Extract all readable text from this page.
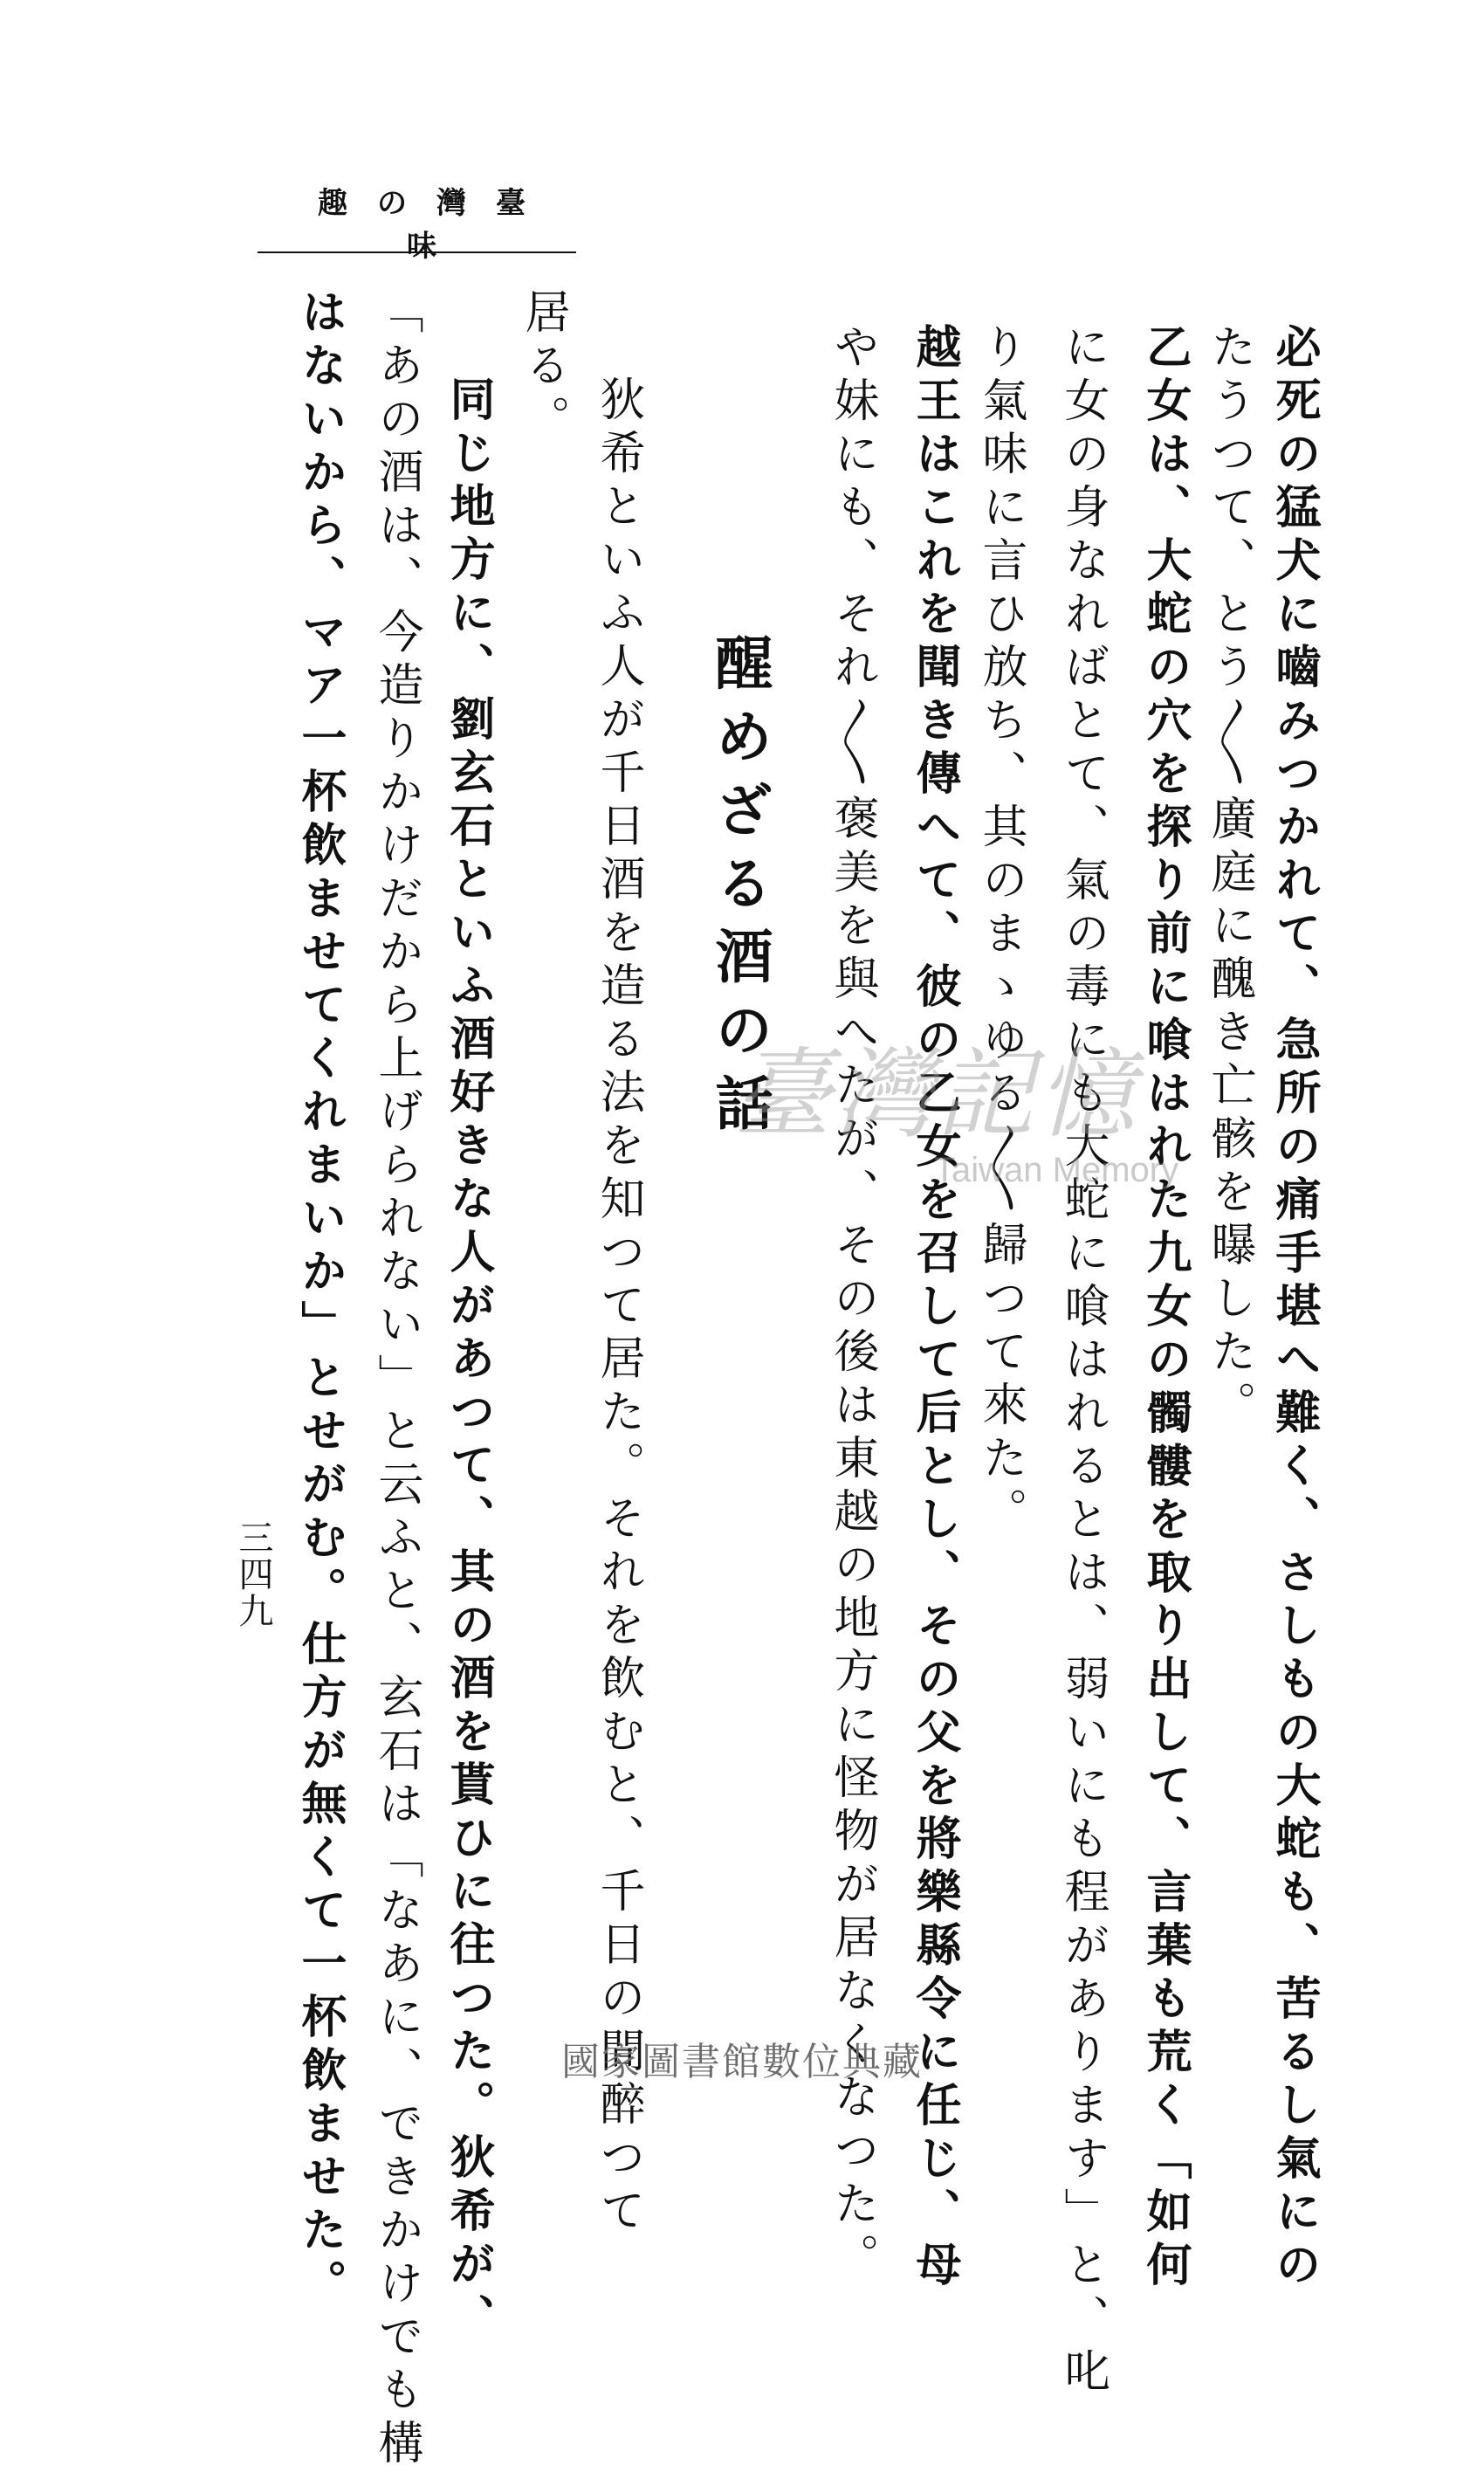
臺灣の趣味
必死の猛犬に嚙みつかれて、急所の痛手堪へ難く、さしもの大蛇も、苦るし氣にの
たうつて、とう〳〵廣庭に醜き亡骸を曝した。
乙女は、大蛇の穴を探り前に喰はれた九女の髑髏を取り出して、言葉も荒く「如何
に女の身なればとて、氣の毒にも大蛇に喰はれるとは、弱いにも程があります」と、叱
り氣味に言ひ放ち、其のまゝゆる〳〵歸つて來た。
越王はこれを聞き傳へて、彼の乙女を召して后とし、その父を將樂縣令に任じ、母
や妹にも、それ〳〵褒美を與へたが、その後は東越の地方に怪物が居なくなつた。
醒めざる酒の話
狄希といふ人が千日酒を造る法を知つて居た。それを飲むと、千日の間醉つて
居る。
同じ地方に、劉玄石といふ酒好きな人があつて、其の酒を貰ひに往つた。狄希が、
「あの酒は、今造りかけだから上げられない」と云ふと、玄石は「なあに、できかけでも構
はないから、マア一杯飲ませてくれまいか」とせがむ。仕方が無くて一杯飲ませた。
三四九
臺灣記憶
Taiwan Memory
國家圖書館數位典藏
